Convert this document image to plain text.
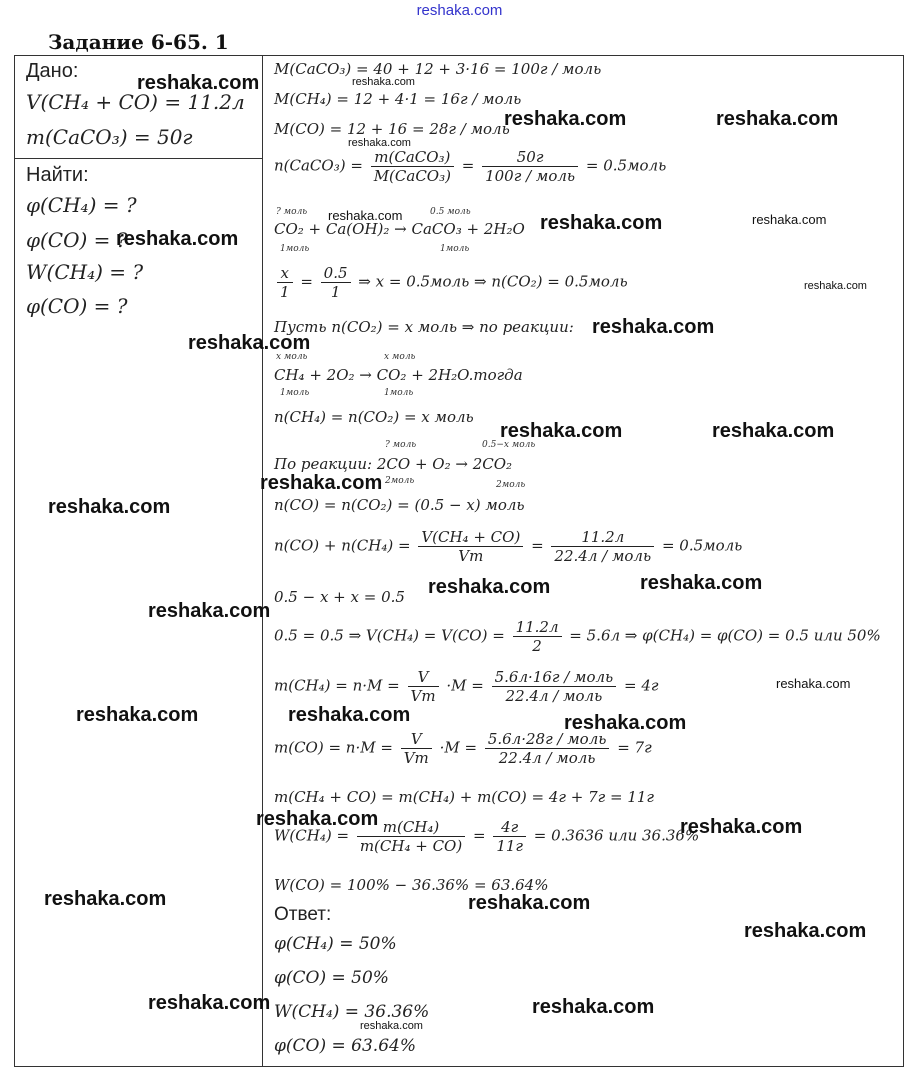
reshaka.com
Задание 6-65. 1
Дано:
V(CH₄ + CO) = 11.2л
m(CaCO₃) = 50г
Найти:
φ(CH₄) = ?
φ(CO) = ?
W(CH₄) = ?
φ(CO) = ?
M(CaCO₃) = 40 + 12 + 3·16 = 100г / моль
M(CH₄) = 12 + 4·1 = 16г / моль
M(CO) = 12 + 16 = 28г / моль
n(CaCO₃) = $\frac{\text{m(CaCO₃)}}{\text{M(CaCO₃)}} = \frac{50г}{\text{100г / моль}}$ = 0.5моль
? моль	0.5 моль
CO₂ + Ca(OH)₂ → CaCO₃ + 2H₂O
1моль	1моль
$\frac{x}{1} = \frac{0.5}{1}$ ⇒ x = 0.5моль ⇒ n(CO₂) = 0.5моль
Пусть n(CO₂) = x моль ⇒ по реакции:
x моль	x моль
CH₄ + 2O₂ → CO₂ + 2H₂O.тогда
1моль	1моль
n(CH₄) = n(CO₂) = x моль
? моль	0.5−x моль
По реакции: 2CO + O₂ → 2CO₂
2моль	2моль
n(CO) = n(CO₂) = (0.5 − x) моль
$n(CO) + n(CH_4) = \frac{\text{V(CH₄ + CO)}}{Vm} = \frac{11.2л}{\text{22.4л / моль}}$ = 0.5моль
0.5 − x + x = 0.5
0.5 = 0.5 ⇒ $V(CH_4) = V(CO) = \frac{11.2л}{2} = 5.6л$ ⇒ φ(CH₄) = φ(CO) = 0.5 или 50%
$m(CH_4) = n\cdot M = \frac{V}{Vm} \cdot M = \frac{\text{5.6л·16г / моль}}{\text{22.4л / моль}} = 4г$
$m(CO) = n\cdot M = \frac{V}{Vm} \cdot M = \frac{\text{5.6л·28г / моль}}{\text{22.4л / моль}} = 7г$
m(CH₄ + CO) = m(CH₄) + m(CO) = 4г + 7г = 11г
$W(CH_4) = \frac{\text{m(CH₄)}}{\text{m(CH₄ + CO)}} = \frac{4г}{11г} = 0.3636$ или 36.36%
W(CO) = 100% − 36.36% = 63.64%
Ответ:
φ(CH₄) = 50%
φ(CO) = 50%
W(CH₄) = 36.36%
φ(CO) = 63.64%
reshaka.com	reshaka.com
reshaka.com	reshaka.com
reshaka.com
reshaka.com	reshaka.com	reshaka.com
reshaka.com
reshaka.com
reshaka.com
reshaka.com
reshaka.com	reshaka.com
reshaka.com
reshaka.com
reshaka.com
reshaka.com
reshaka.com
reshaka.com
reshaka.com	reshaka.com	reshaka.com
reshaka.com	reshaka.com
reshaka.com	reshaka.com
reshaka.com
reshaka.com	reshaka.com
reshaka.com
